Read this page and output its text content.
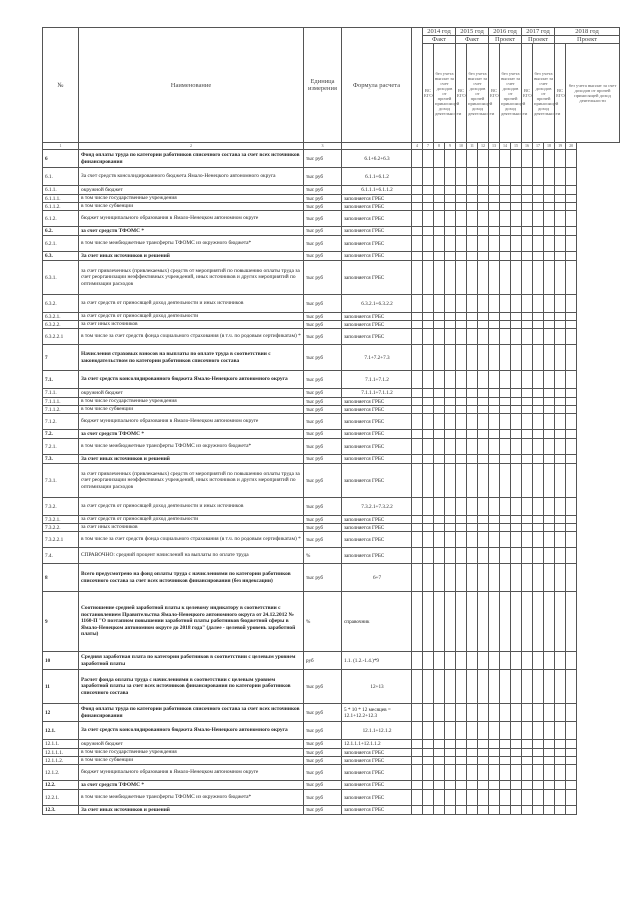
№	Наименование	Единица измерения	Формула расчета		2014 год			2015 год			2016 год			2017 год			2018 год	
					Факт			Факт			Проект			Проект			Проект	
					ВС ЕГО	без учета выплат за счет доходов от прочей приносящей доход деятельности		ВС ЕГО	без учета выплат за счет доходов от прочей приносящей доход деятельности		ВС ЕГО	без учета выплат за счет доходов от прочей приносящей доход деятельности		ВС ЕГО	без учета выплат за счет доходов от прочей приносящей доход деятельности		ВС ЕГО	без учета выплат за счет доходов от прочей приносящей доход деятельности
1	2	3		4	7	8	9	10	11	12	13	14	15	16	17	18	19	20
6	Фонд оплаты труда по категории работников списочного состава за счет всех источников финансирования	тыс руб	6.1+6.2+6.3															
6.1.	За счет средств консолидированного бюджета Ямало-Ненецкого автономного округа	тыс руб	6.1.1+6.1.2															
6.1.1.	окружной бюджет	тыс руб	6.1.1.1+6.1.1.2															
6.1.1.1.	в том числе государственные учреждения	тыс руб	заполняется ГРБС															
6.1.1.2.	в том числе субвенции	тыс руб	заполняется ГРБС															
6.1.2.	бюджет муниципального образования в Ямало-Ненецком автономном округе	тыс руб	заполняется ГРБС															
6.2.	за счет средств ТФОМС *	тыс руб	заполняется ГРБС															
6.2.1.	в том числе межбюджетные трансферты ТФОМС из окружного бюджета*	тыс руб	заполняется ГРБС															
6.3.	За счет иных источников и решений	тыс руб	заполняется ГРБС															
6.3.1.	за счет привлеченных (привлекаемых) средств от мероприятий по повышению оплаты труда за счет реорганизации неэффективных учреждений, иных источников и других мероприятий по оптимизации расходов	тыс руб	заполняется ГРБС															
6.3.2.	за счет средств от приносящей доход деятельности и иных источников	тыс руб	6.3.2.1+6.3.2.2															
6.3.2.1.	за счет средств от приносящей доход деятельности	тыс руб	заполняется ГРБС															
6.3.2.2.	за счет иных источников	тыс руб	заполняется ГРБС															
6.3.2.2.1	в том числе за счет средств фонда социального страхования (в т.ч. по родовым сертификатам) *	тыс руб	заполняется ГРБС															
7	Начисления страховых взносов на выплаты по оплате труда в соответствии с законодательством по категории работников списочного состава	тыс руб	7.1+7.2+7.3															
7.1.	За счет средств консолидированного бюджета Ямало-Ненецкого автономного округа	тыс руб	7.1.1+7.1.2															
7.1.1.	окружной бюджет	тыс руб	7.1.1.1+7.1.1.2															
7.1.1.1.	в том числе государственные учреждения	тыс руб	заполняется ГРБС															
7.1.1.2.	в том числе субвенции	тыс руб	заполняется ГРБС															
7.1.2.	бюджет муниципального образования в Ямало-Ненецком автономном округе	тыс руб	заполняется ГРБС															
7.2.	за счет средств ТФОМС *	тыс руб	заполняется ГРБС															
7.2.1.	в том числе межбюджетные трансферты ТФОМС из окружного бюджета*	тыс руб	заполняется ГРБС															
7.3.	За счет иных источников и решений	тыс руб	заполняется ГРБС															
7.3.1.	за счет привлеченных (привлекаемых) средств от мероприятий по повышению оплаты труда за счет реорганизации неэффективных учреждений, иных источников и других мероприятий по оптимизации расходов	тыс руб	заполняется ГРБС															
7.3.2.	за счет средств от приносящей доход деятельности и иных источников	тыс руб	7.3.2.1+7.3.2.2															
7.3.2.1.	за счет средств от приносящей доход деятельности	тыс руб	заполняется ГРБС															
7.3.2.2.	за счет иных источников	тыс руб	заполняется ГРБС															
7.3.2.2.1	в том числе за счет средств фонда социального страхования (в т.ч. по родовым сертификатам) *	тыс руб	заполняется ГРБС															
7.4.	СПРАВОЧНО: средний процент начислений на выплаты по оплате труда	%	заполняется ГРБС															
8	Всего предусмотрено на фонд оплаты труда с начислениями по категории работников списочного состава за счет всех источников финансирования (без индексации)	тыс руб	6+7															
9	Соотношение средней заработной платы к целевому индикатору в соответствии с постановлением Правительства Ямало-Ненецкого автономного округа от 24.12.2012 № 1160-П "О поэтапном повышении заработной платы работников бюджетной сферы в Ямало-Ненецком автономном округе до 2018 года" (далее - целевой уровень заработной платы)	%	справочник															
10	Средняя заработная плата по категории работников в соответствии с целевым уровнем заработной платы	руб	1.1. (1.2.-1.4.)*9															
11	Расчет фонда оплаты труда с начислениями в соответствии с целевым уровнем заработной платы за счет всех источников финансирования по категории работников списочного состава	тыс руб	12+13															
12	Фонд оплаты труда по категории работников списочного состава за счет всех источников финансирования	тыс руб	5 * 10 * 12 месяцев = 12.1+12.2+12.3															
12.1.	За счет средств консолидированного бюджета Ямало-Ненецкого автономного округа	тыс руб	12.1.1+12.1.2															
12.1.1.	окружной бюджет	тыс руб	12.1.1.1+12.1.1.2															
12.1.1.1.	в том числе государственные учреждения	тыс руб	заполняется ГРБС															
12.1.1.2.	в том числе субвенции	тыс руб	заполняется ГРБС															
12.1.2.	бюджет муниципального образования в Ямало-Ненецком автономном округе	тыс руб	заполняется ГРБС															
12.2.	за счет средств ТФОМС *	тыс руб	заполняется ГРБС															
12.2.1.	в том числе межбюджетные трансферты ТФОМС из окружного бюджета*	тыс руб	заполняется ГРБС															
12.3.	За счет иных источников и решений	тыс руб	заполняется ГРБС															
